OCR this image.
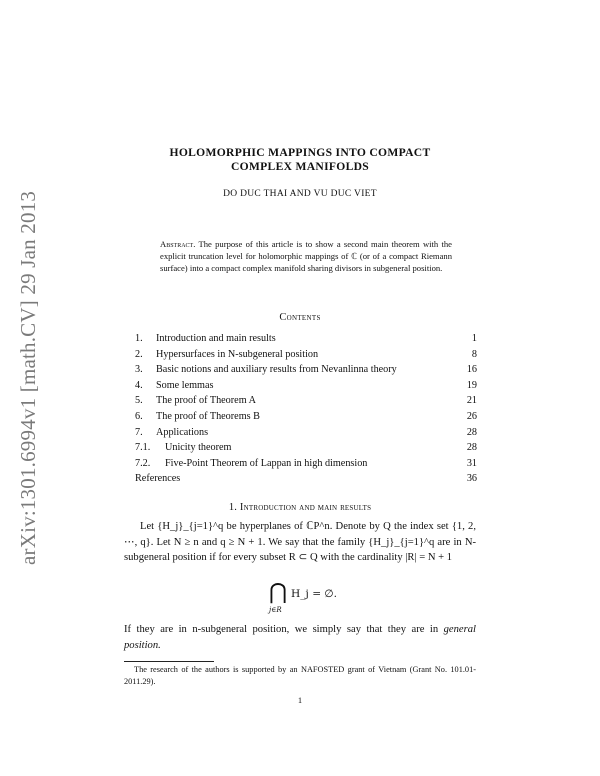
arXiv:1301.6994v1 [math.CV] 29 Jan 2013
HOLOMORPHIC MAPPINGS INTO COMPACT
COMPLEX MANIFOLDS
DO DUC THAI AND VU DUC VIET
Abstract. The purpose of this article is to show a second main theorem with the explicit truncation level for holomorphic mappings of ℂ (or of a compact Riemann surface) into a compact complex manifold sharing divisors in subgeneral position.
Contents
1. Introduction and main results	1
2. Hypersurfaces in N-subgeneral position	8
3. Basic notions and auxiliary results from Nevanlinna theory	16
4. Some lemmas	19
5. The proof of Theorem A	21
6. The proof of Theorems B	26
7. Applications	28
7.1. Unicity theorem	28
7.2. Five-Point Theorem of Lappan in high dimension	31
References	36
1. Introduction and main results
Let {H_j}_{j=1}^q be hyperplanes of ℂP^n. Denote by Q the index set {1, 2, ⋯, q}. Let N ≥ n and q ≥ N + 1. We say that the family {H_j}_{j=1}^q are in N-subgeneral position if for every subset R ⊂ Q with the cardinality |R| = N + 1
⋂
j∈R
H_j = ∅.
If they are in n-subgeneral position, we simply say that they are in general position.
The research of the authors is supported by an NAFOSTED grant of Vietnam (Grant No. 101.01-2011.29).
1
